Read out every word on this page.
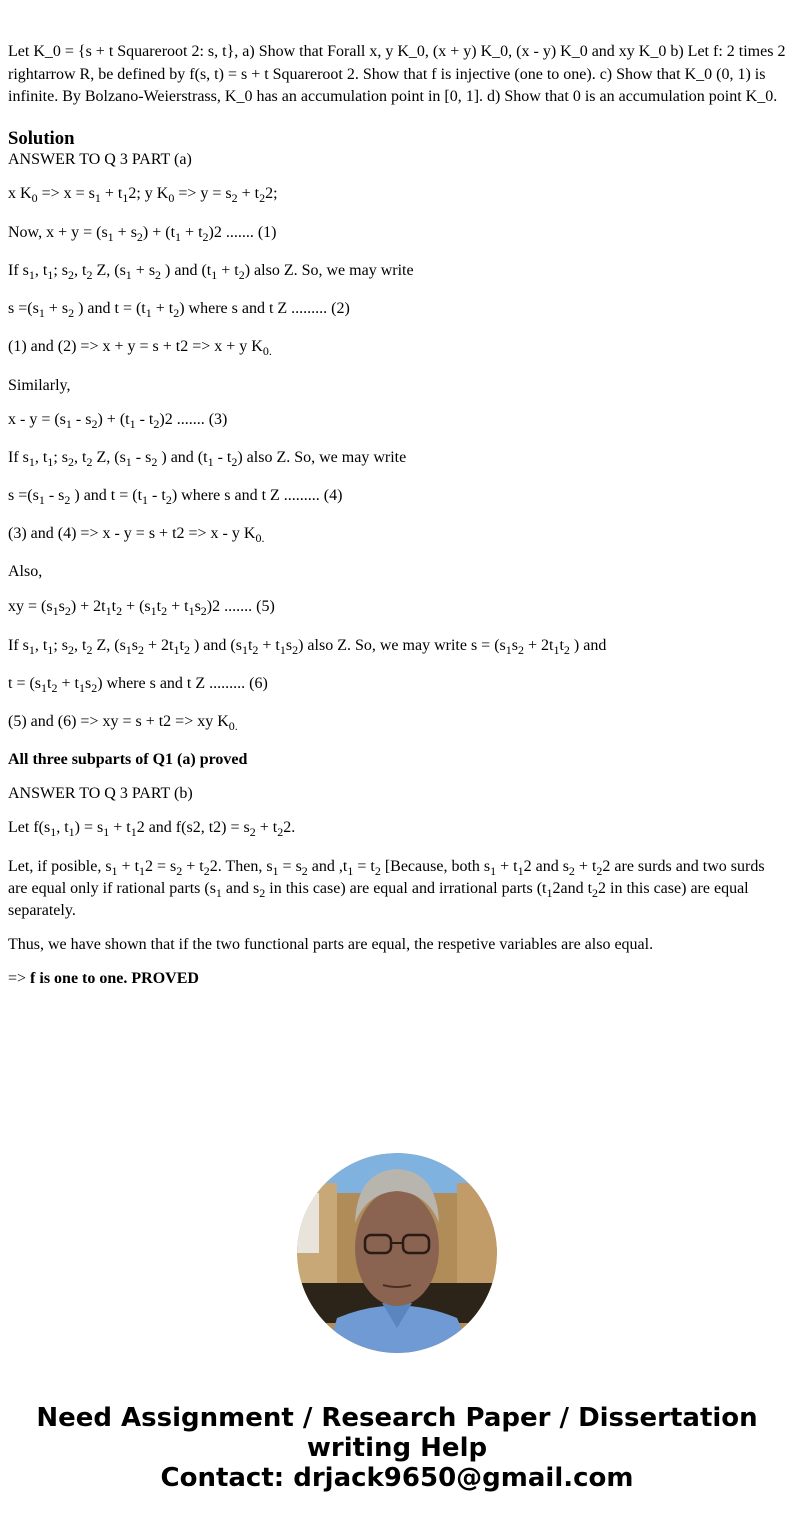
Let K_0 = {s + t Squareroot 2: s, t}, a) Show that Forall x, y K_0, (x + y) K_0, (x - y) K_0 and xy K_0 b) Let f: 2 times 2 rightarrow R, be defined by f(s, t) = s + t Squareroot 2. Show that f is injective (one to one). c) Show that K_0 (0, 1) is infinite. By Bolzano-Weierstrass, K_0 has an accumulation point in [0, 1]. d) Show that 0 is an accumulation point K_0.

Solution

ANSWER TO Q 3 PART (a)

x $K_0 => x = s_1 + t_12$; y $K_0 => y = s_2 + t_22$;

Now, $x + y = (s_1 + s_2) + (t_1 + t_2)2$ ....... (1)

If $s_1$, $t_1$; $s_2$, $t_2$ Z, ($s_1 + s_2$ ) and $(t_1 + t_2)$ also Z. So, we may write

$s =(s_1 + s_2$ ) and $t = (t_1 + t_2)$ where s and t Z ......... (2)

(1) and (2) => x + y = s + t2 => x + y $K_{0.}$

Similarly,

$x - y = (s_1 - s_2) + (t_1 - t_2)2$ ....... (3)

If $s_1$, $t_1$; $s_2$, $t_2$ Z, ($s_1 - s_2$ ) and $(t_1 - t_2)$ also Z. So, we may write

$s =(s_1 - s_2$ ) and $t = (t_1 - t_2)$ where s and t Z ......... (4)

(3) and (4) => x - y = s + t2 => x - y $K_{0.}$

Also,

xy = $(s_1s_2) + 2t_1t_2 + (s_1t_2 + t_1s_2)2$ ....... (5)

If $s_1$, $t_1$; $s_2$, $t_2$ Z, ($s_1s_2 + 2t_1t_2$ ) and $(s_1t_2 + t_1s_2)$ also Z. So, we may write $s = (s_1s_2 + 2t_1t_2$ ) and

$t = (s_1t_2 + t_1s_2)$ where s and t Z ......... (6)

(5) and (6) => xy = s + t2 => xy $K_{0.}$

All three subparts of Q1 (a) proved

ANSWER TO Q 3 PART (b)

Let $f(s_1$, $t_1) = s_1 + t_12$ and f(s2, $t2) = s_2 + t_22$.

Let, if posible, $s_1 + t_12 = s_2 + t_22$. Then, $s_1 = s_2$ and $,t_1 = t_2$ [Because, both $s_1 + t_12$ and $s_2 + t_22$ are surds and two surds are equal only if rational parts ($s_1$ and $s_2$ in this case) are equal and irrational parts ($t_12and$ $t_22$ in this case) are equal separately.

Thus, we have shown that if the two functional parts are equal, the respetive variables are also equal.

=> f is one to one. PROVED

Need Assignment / Research Paper / Dissertation
writing Help
Contact: drjack9650@gmail.com
